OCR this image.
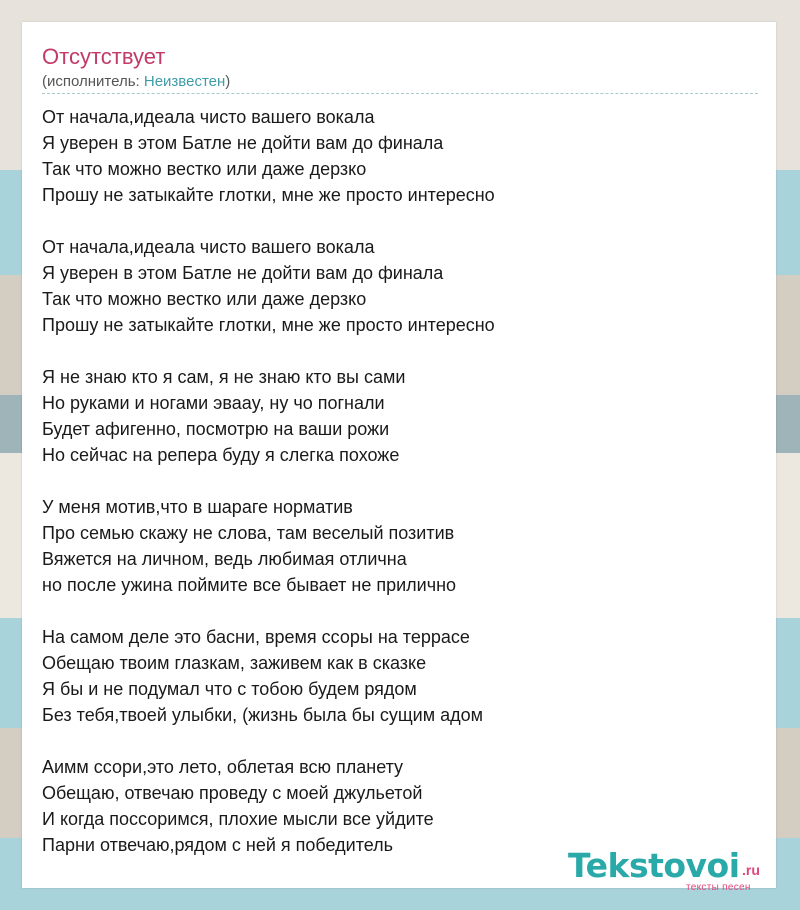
Отсутствует
(исполнитель: Неизвестен)
От начала,идеала чисто вашего вокала
Я уверен в этом Батле не дойти вам до финала
Так что можно вестко или даже дерзко
Прошу не затыкайте глотки, мне же просто интересно
От начала,идеала чисто вашего вокала
Я уверен в этом Батле не дойти вам до финала
Так что можно вестко или даже дерзко
Прошу не затыкайте глотки, мне же просто интересно
Я не знаю кто я сам, я не знаю кто вы сами
Но руками и ногами эвааy, ну чо погнали
Будет афигенно, посмотрю на ваши рожи
Но сейчас на репера буду я слегка похоже
У меня мотив,что в шараге норматив
Про семью скажу не слова, там веселый позитив
Вяжется на личном, ведь любимая отлична
но после ужина поймите все бывает не прилично
На самом деле это басни, время ссоры на террасе
Обещаю твоим глазкам, заживем как в сказке
Я бы и не подумал что с тобою будем рядом
Без тебя,твоей улыбки, (жизнь была бы сущим адом
Аимм ссори,это лето, облетая всю планету
Обещаю, отвечаю проведу с моей джульетой
И когда поссоримся, плохие мысли все уйдите
Парни отвечаю,рядом с ней я победитель
Tekstovoi .ru
тексты песен
